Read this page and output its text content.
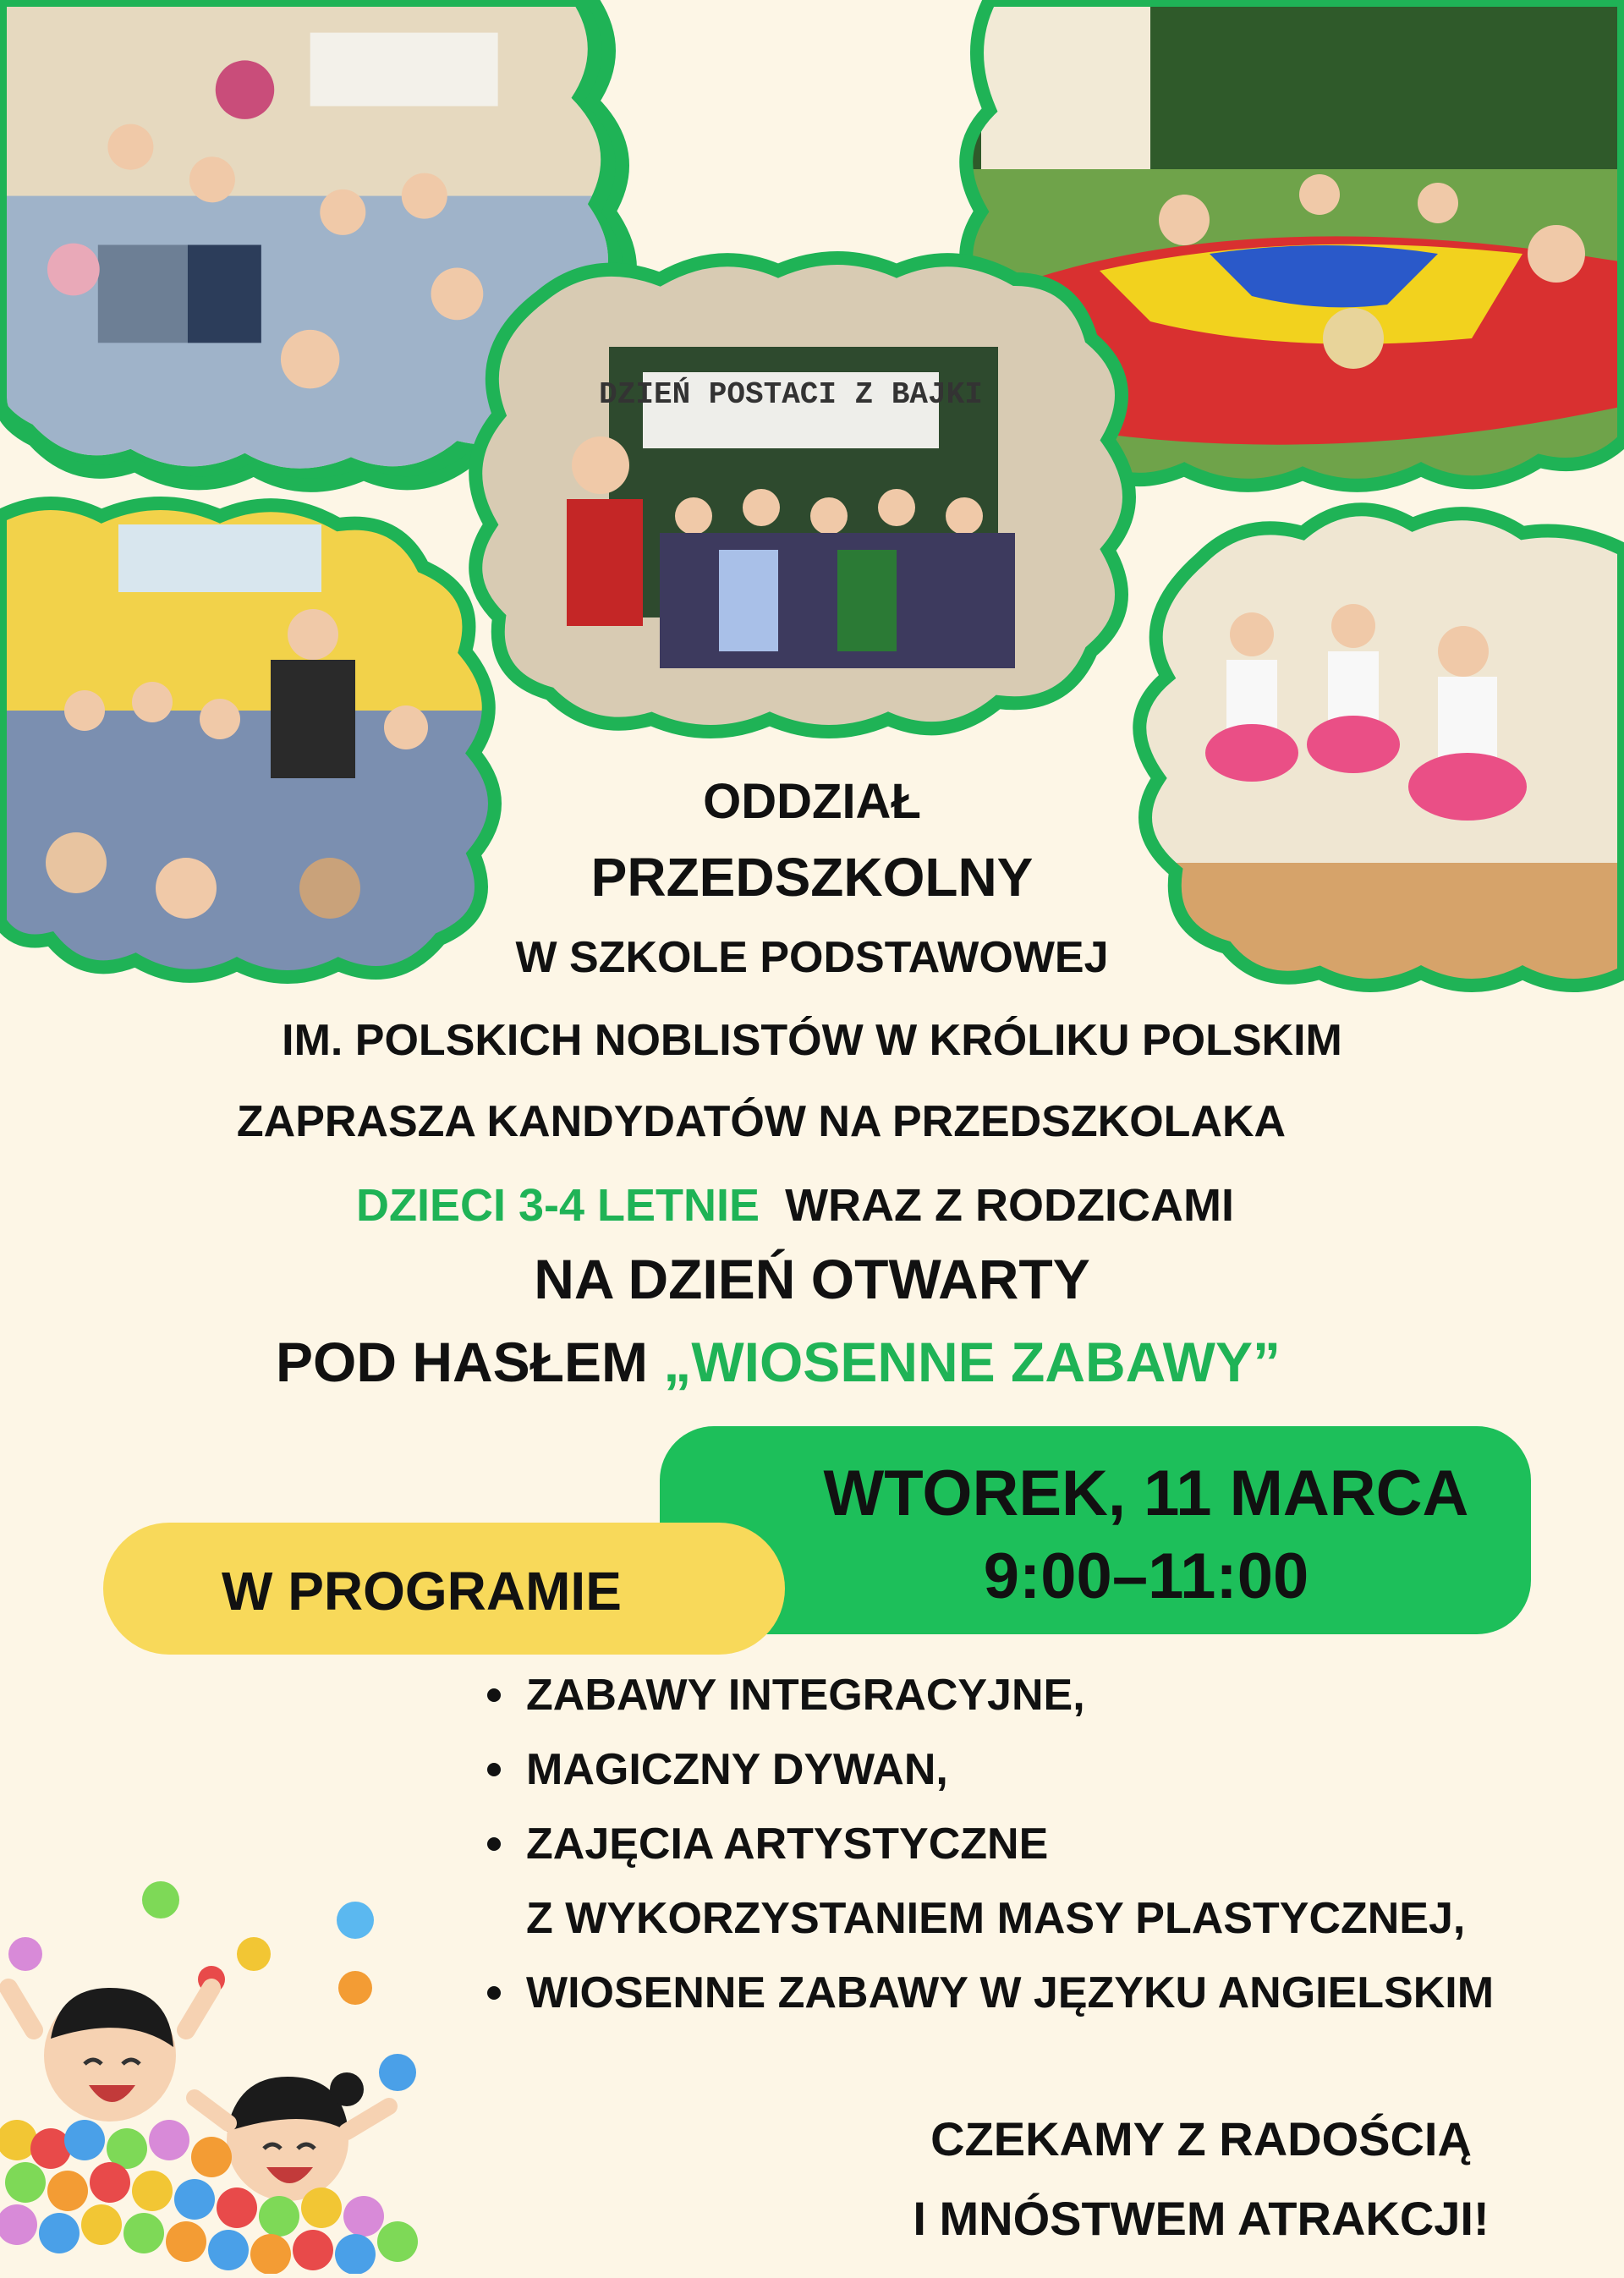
DZIEŃ POSTACI Z BAJKI
ODDZIAŁ
PRZEDSZKOLNY
W SZKOLE PODSTAWOWEJ
IM. POLSKICH NOBLISTÓW W KRÓLIKU POLSKIM
ZAPRASZA KANDYDATÓW NA PRZEDSZKOLAKA
DZIECI 3-4 LETNIE  WRAZ Z RODZICAMI
NA DZIEŃ OTWARTY
POD HASŁEM „WIOSENNE ZABAWY”
WTOREK, 11 MARCA
9:00–11:00
W PROGRAMIE
ZABAWY INTEGRACYJNE,
MAGICZNY DYWAN,
ZAJĘCIA ARTYSTYCZNE
Z WYKORZYSTANIEM MASY PLASTYCZNEJ,
WIOSENNE ZABAWY W JĘZYKU ANGIELSKIM
CZEKAMY Z RADOŚCIĄ
I MNÓSTWEM ATRAKCJI!
